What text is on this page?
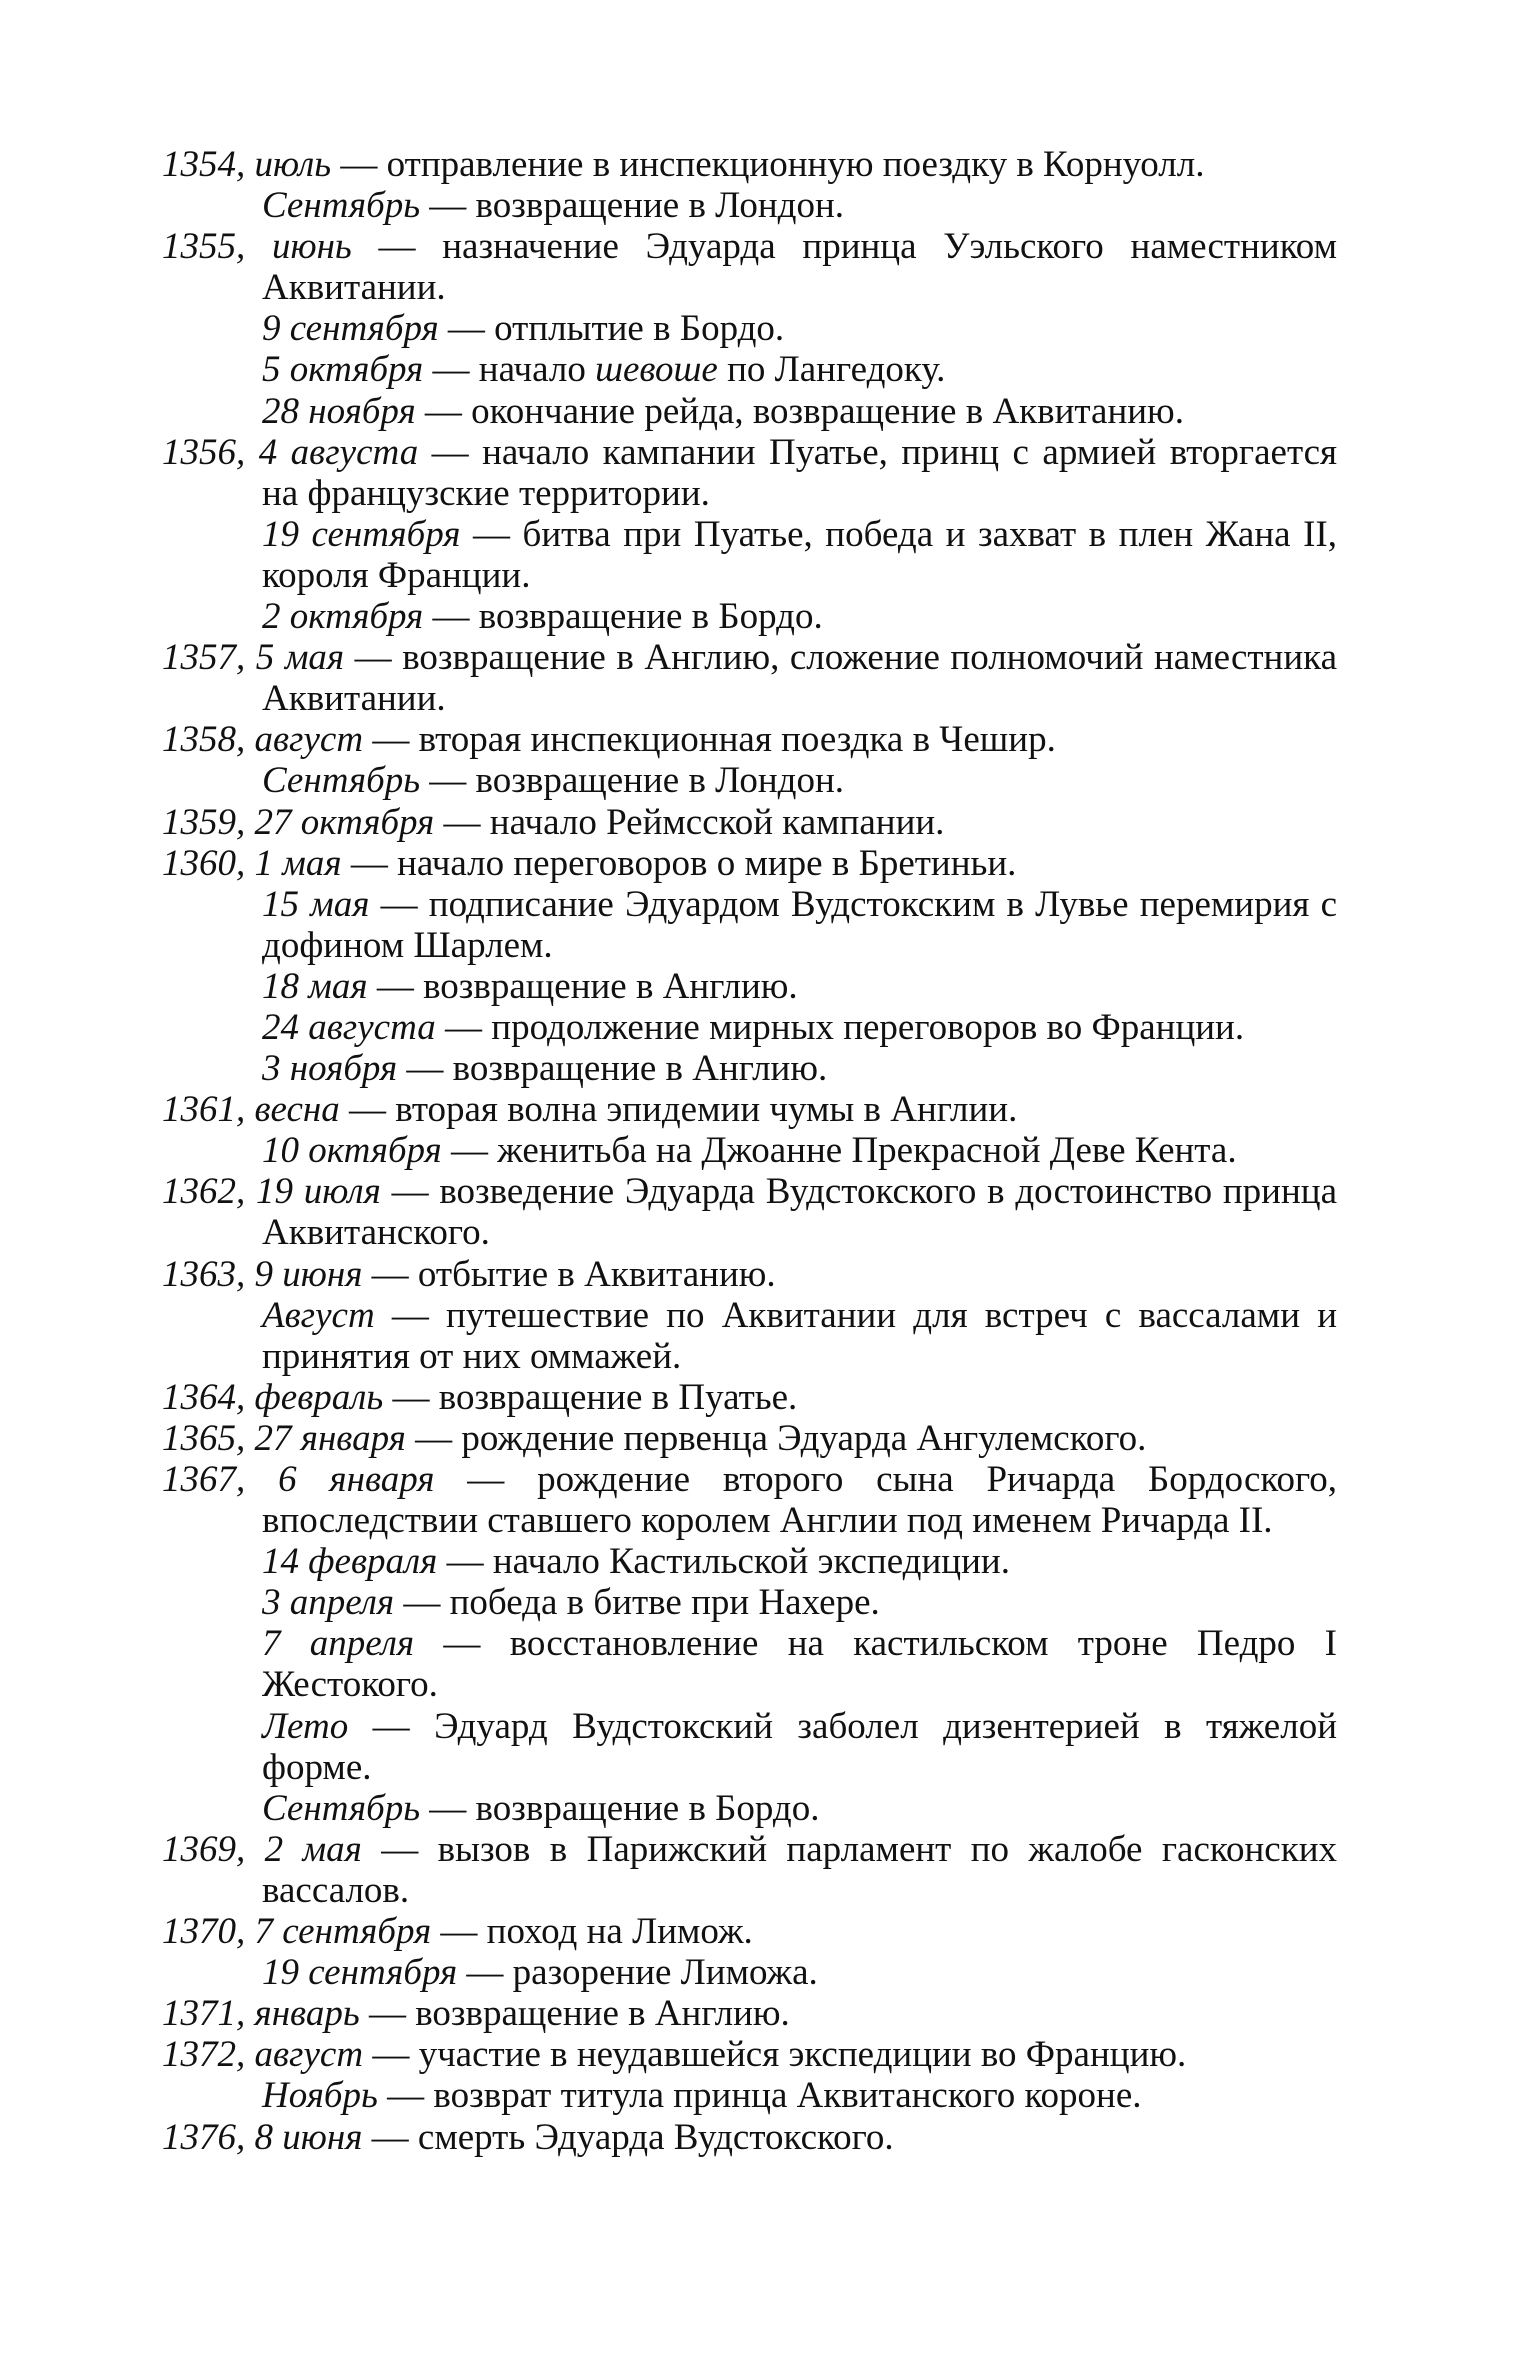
1354, июль — отправление в инспекционную поездку в Корнуолл.

Сентябрь — возвращение в Лондон.

1355, июнь — назначение Эдуарда принца Уэльского наместником Аквитании.

9 сентября — отплытие в Бордо.

5 октября — начало шевоше по Лангедоку.

28 ноября — окончание рейда, возвращение в Аквитанию.

1356, 4 августа — начало кампании Пуатье, принц с армией вторгается на французские территории.

19 сентября — битва при Пуатье, победа и захват в плен Жана II, короля Франции.

2 октября — возвращение в Бордо.

1357, 5 мая — возвращение в Англию, сложение полномочий наместника Аквитании.

1358, август — вторая инспекционная поездка в Чешир.

Сентябрь — возвращение в Лондон.

1359, 27 октября — начало Реймсской кампании.

1360, 1 мая — начало переговоров о мире в Бретиньи.

15 мая — подписание Эдуардом Вудстокским в Лувье перемирия с дофином Шарлем.

18 мая — возвращение в Англию.

24 августа — продолжение мирных переговоров во Франции.

3 ноября — возвращение в Англию.

1361, весна — вторая волна эпидемии чумы в Англии.

10 октября — женитьба на Джоанне Прекрасной Деве Кента.

1362, 19 июля — возведение Эдуарда Вудстокского в достоинство принца Аквитанского.

1363, 9 июня — отбытие в Аквитанию.

Август — путешествие по Аквитании для встреч с вассалами и принятия от них оммажей.

1364, февраль — возвращение в Пуатье.

1365, 27 января — рождение первенца Эдуарда Ангулемского.

1367, 6 января — рождение второго сына Ричарда Бордоского, впоследствии ставшего королем Англии под именем Ричарда II.

14 февраля — начало Кастильской экспедиции.

3 апреля — победа в битве при Нахере.

7 апреля — восстановление на кастильском троне Педро I Жестокого.

Лето — Эдуард Вудстокский заболел дизентерией в тяжелой форме.

Сентябрь — возвращение в Бордо.

1369, 2 мая — вызов в Парижский парламент по жалобе гасконских вассалов.

1370, 7 сентября — поход на Лимож.

19 сентября — разорение Лиможа.

1371, январь — возвращение в Англию.

1372, август — участие в неудавшейся экспедиции во Францию.

Ноябрь — возврат титула принца Аквитанского короне.

1376, 8 июня — смерть Эдуарда Вудстокского.
